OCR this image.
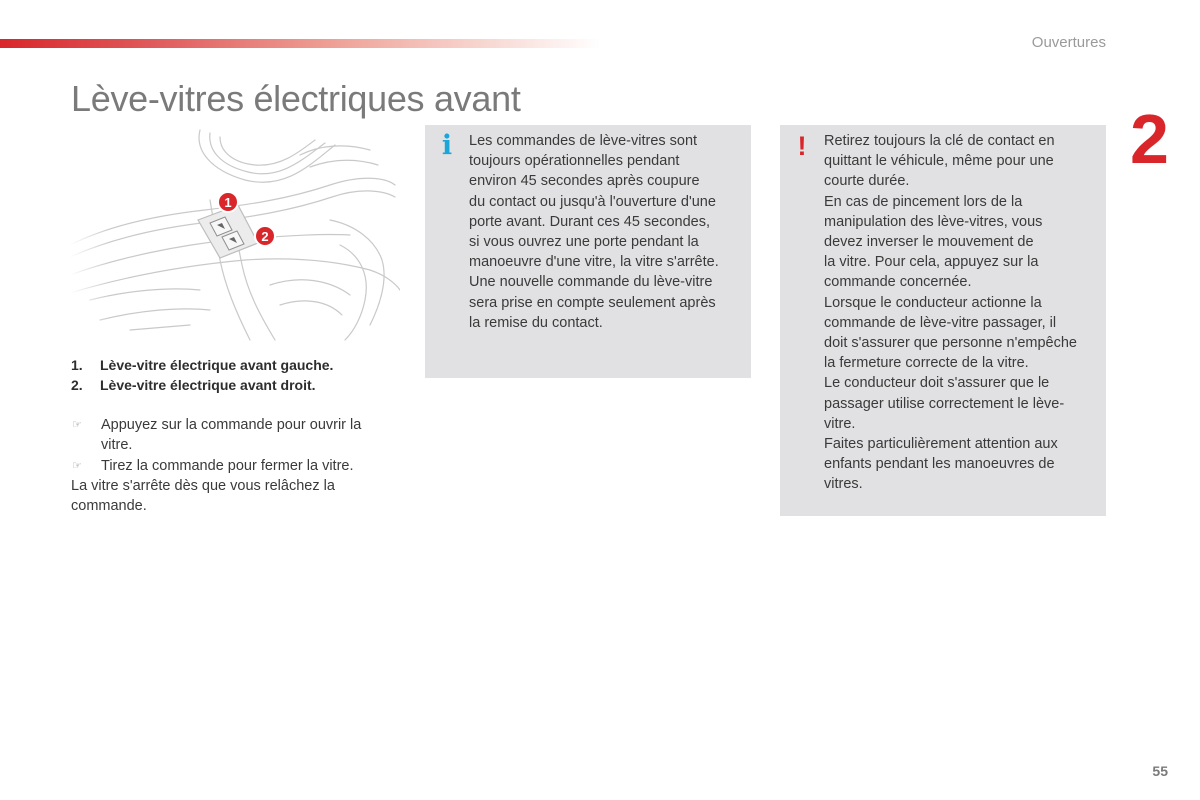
Ouvertures
2
Lève-vitres électriques avant
1.	Lève-vitre électrique avant gauche.
2.	Lève-vitre électrique avant droit.
☞	Appuyez sur la commande pour ouvrir la vitre.
☞	Tirez la commande pour fermer la vitre.
La vitre s'arrête dès que vous relâchez la commande.
i	Les commandes de lève-vitres sont
toujours opérationnelles pendant
environ 45 secondes après coupure
du contact ou jusqu'à l'ouverture d'une
porte avant. Durant ces 45 secondes,
si vous ouvrez une porte pendant la
manoeuvre d'une vitre, la vitre s'arrête.
Une nouvelle commande du lève-vitre
sera prise en compte seulement après
la remise du contact.
!	Retirez toujours la clé de contact en
quittant le véhicule, même pour une
courte durée.
En cas de pincement lors de la
manipulation des lève-vitres, vous
devez inverser le mouvement de
la vitre. Pour cela, appuyez sur la
commande concernée.
Lorsque le conducteur actionne la
commande de lève-vitre passager, il
doit s'assurer que personne n'empêche
la fermeture correcte de la vitre.
Le conducteur doit s'assurer que le
passager utilise correctement le lève-
vitre.
Faites particulièrement attention aux
enfants pendant les manoeuvres de
vitres.
55
